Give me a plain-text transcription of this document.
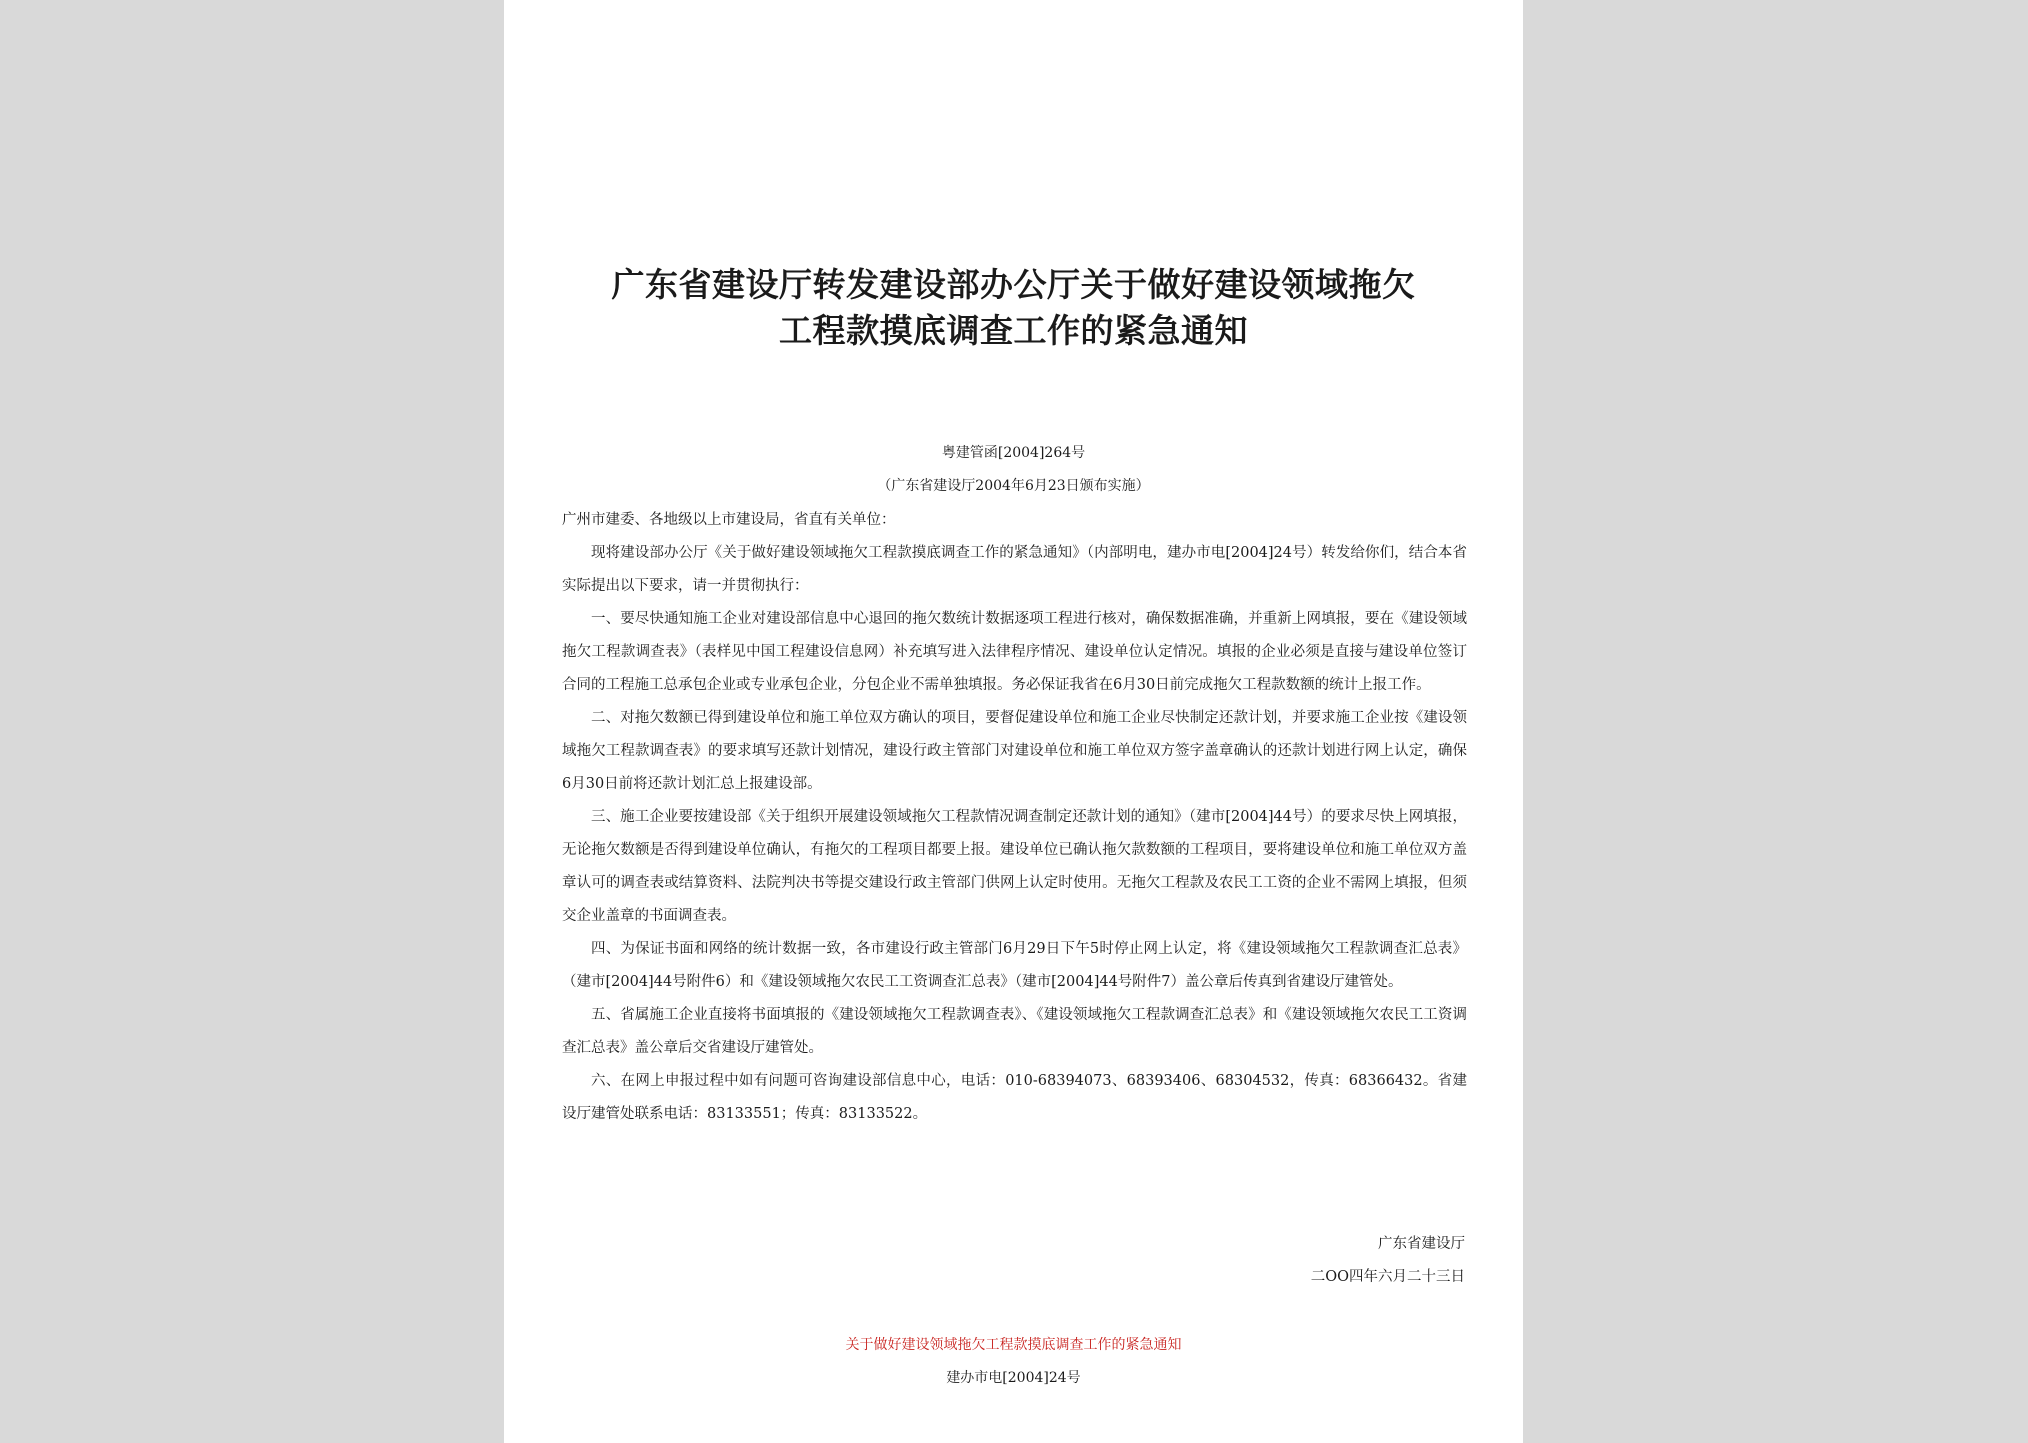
广东省建设厅转发建设部办公厅关于做好建设领域拖欠
工程款摸底调查工作的紧急通知
粤建管函[2004]264号
（广东省建设厅2004年6月23日颁布实施）

广州市建委、各地级以上市建设局，省直有关单位：

现将建设部办公厅《关于做好建设领域拖欠工程款摸底调查工作的紧急通知》（内部明电，建办市电[2004]24号）转发给你们，结合本省实际提出以下要求，请一并贯彻执行：

一、要尽快通知施工企业对建设部信息中心退回的拖欠数统计数据逐项工程进行核对，确保数据准确，并重新上网填报，要在《建设领域拖欠工程款调查表》（表样见中国工程建设信息网）补充填写进入法律程序情况、建设单位认定情况。填报的企业必须是直接与建设单位签订合同的工程施工总承包企业或专业承包企业，分包企业不需单独填报。务必保证我省在6月30日前完成拖欠工程款数额的统计上报工作。

二、对拖欠数额已得到建设单位和施工单位双方确认的项目，要督促建设单位和施工企业尽快制定还款计划，并要求施工企业按《建设领域拖欠工程款调查表》的要求填写还款计划情况，建设行政主管部门对建设单位和施工单位双方签字盖章确认的还款计划进行网上认定，确保6月30日前将还款计划汇总上报建设部。

三、施工企业要按建设部《关于组织开展建设领域拖欠工程款情况调查制定还款计划的通知》（建市[2004]44号）的要求尽快上网填报，无论拖欠数额是否得到建设单位确认，有拖欠的工程项目都要上报。建设单位已确认拖欠款数额的工程项目，要将建设单位和施工单位双方盖章认可的调查表或结算资料、法院判决书等提交建设行政主管部门供网上认定时使用。无拖欠工程款及农民工工资的企业不需网上填报，但须交企业盖章的书面调查表。

四、为保证书面和网络的统计数据一致，各市建设行政主管部门6月29日下午5时停止网上认定，将《建设领域拖欠工程款调查汇总表》（建市[2004]44号附件6）和《建设领域拖欠农民工工资调查汇总表》（建市[2004]44号附件7）盖公章后传真到省建设厅建管处。

五、省属施工企业直接将书面填报的《建设领域拖欠工程款调查表》、《建设领域拖欠工程款调查汇总表》和《建设领域拖欠农民工工资调查汇总表》盖公章后交省建设厅建管处。

六、在网上申报过程中如有问题可咨询建设部信息中心，电话：010-68394073、68393406、68304532，传真：68366432。省建设厅建管处联系电话：83133551；传真：83133522。

广东省建设厅
二OO四年六月二十三日
关于做好建设领域拖欠工程款摸底调查工作的紧急通知
建办市电[2004]24号
